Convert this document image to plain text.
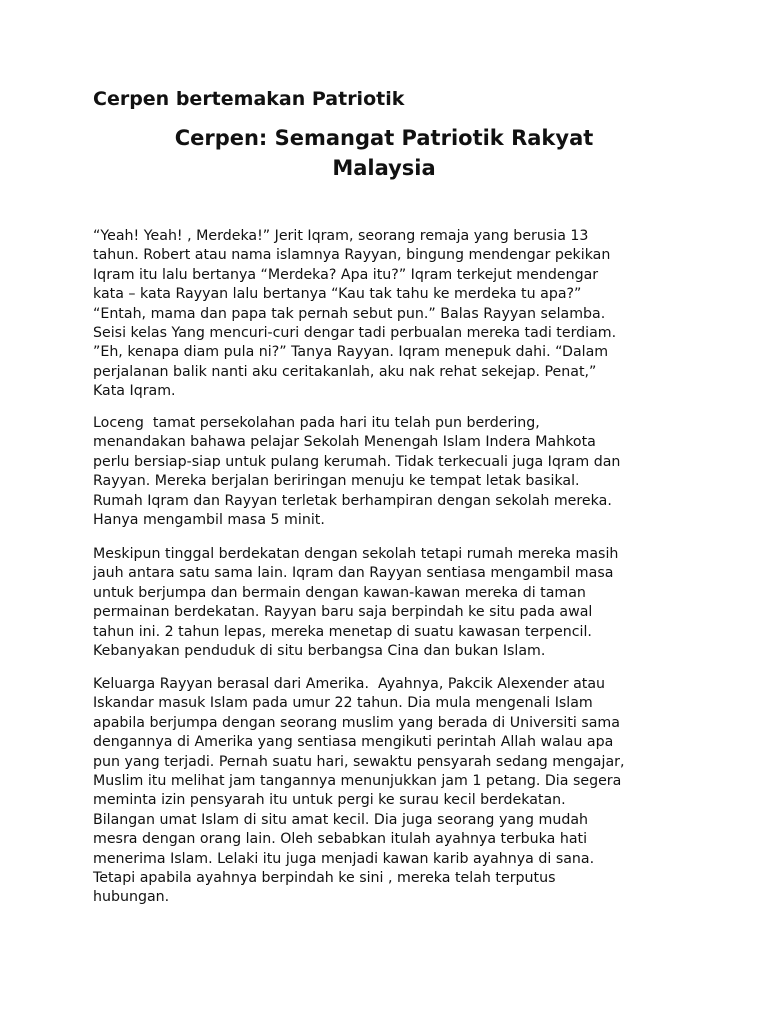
Cerpen bertemakan Patriotik
Cerpen: Semangat Patriotik Rakyat
Malaysia
“Yeah! Yeah! , Merdeka!” Jerit Iqram, seorang remaja yang berusia 13
tahun. Robert atau nama islamnya Rayyan, bingung mendengar pekikan
Iqram itu lalu bertanya “Merdeka? Apa itu?” Iqram terkejut mendengar
kata – kata Rayyan lalu bertanya “Kau tak tahu ke merdeka tu apa?”
“Entah, mama dan papa tak pernah sebut pun.” Balas Rayyan selamba.
Seisi kelas Yang mencuri-curi dengar tadi perbualan mereka tadi terdiam.
”Eh, kenapa diam pula ni?” Tanya Rayyan. Iqram menepuk dahi. “Dalam
perjalanan balik nanti aku ceritakanlah, aku nak rehat sekejap. Penat,”
Kata Iqram.
Loceng  tamat persekolahan pada hari itu telah pun berdering,
menandakan bahawa pelajar Sekolah Menengah Islam Indera Mahkota
perlu bersiap-siap untuk pulang kerumah. Tidak terkecuali juga Iqram dan
Rayyan. Mereka berjalan beriringan menuju ke tempat letak basikal.
Rumah Iqram dan Rayyan terletak berhampiran dengan sekolah mereka.
Hanya mengambil masa 5 minit.
Meskipun tinggal berdekatan dengan sekolah tetapi rumah mereka masih
jauh antara satu sama lain. Iqram dan Rayyan sentiasa mengambil masa
untuk berjumpa dan bermain dengan kawan-kawan mereka di taman
permainan berdekatan. Rayyan baru saja berpindah ke situ pada awal
tahun ini. 2 tahun lepas, mereka menetap di suatu kawasan terpencil.
Kebanyakan penduduk di situ berbangsa Cina dan bukan Islam.
Keluarga Rayyan berasal dari Amerika.  Ayahnya, Pakcik Alexender atau
Iskandar masuk Islam pada umur 22 tahun. Dia mula mengenali Islam
apabila berjumpa dengan seorang muslim yang berada di Universiti sama
dengannya di Amerika yang sentiasa mengikuti perintah Allah walau apa
pun yang terjadi. Pernah suatu hari, sewaktu pensyarah sedang mengajar,
Muslim itu melihat jam tangannya menunjukkan jam 1 petang. Dia segera
meminta izin pensyarah itu untuk pergi ke surau kecil berdekatan.
Bilangan umat Islam di situ amat kecil. Dia juga seorang yang mudah
mesra dengan orang lain. Oleh sebabkan itulah ayahnya terbuka hati
menerima Islam. Lelaki itu juga menjadi kawan karib ayahnya di sana.
Tetapi apabila ayahnya berpindah ke sini , mereka telah terputus
hubungan.
